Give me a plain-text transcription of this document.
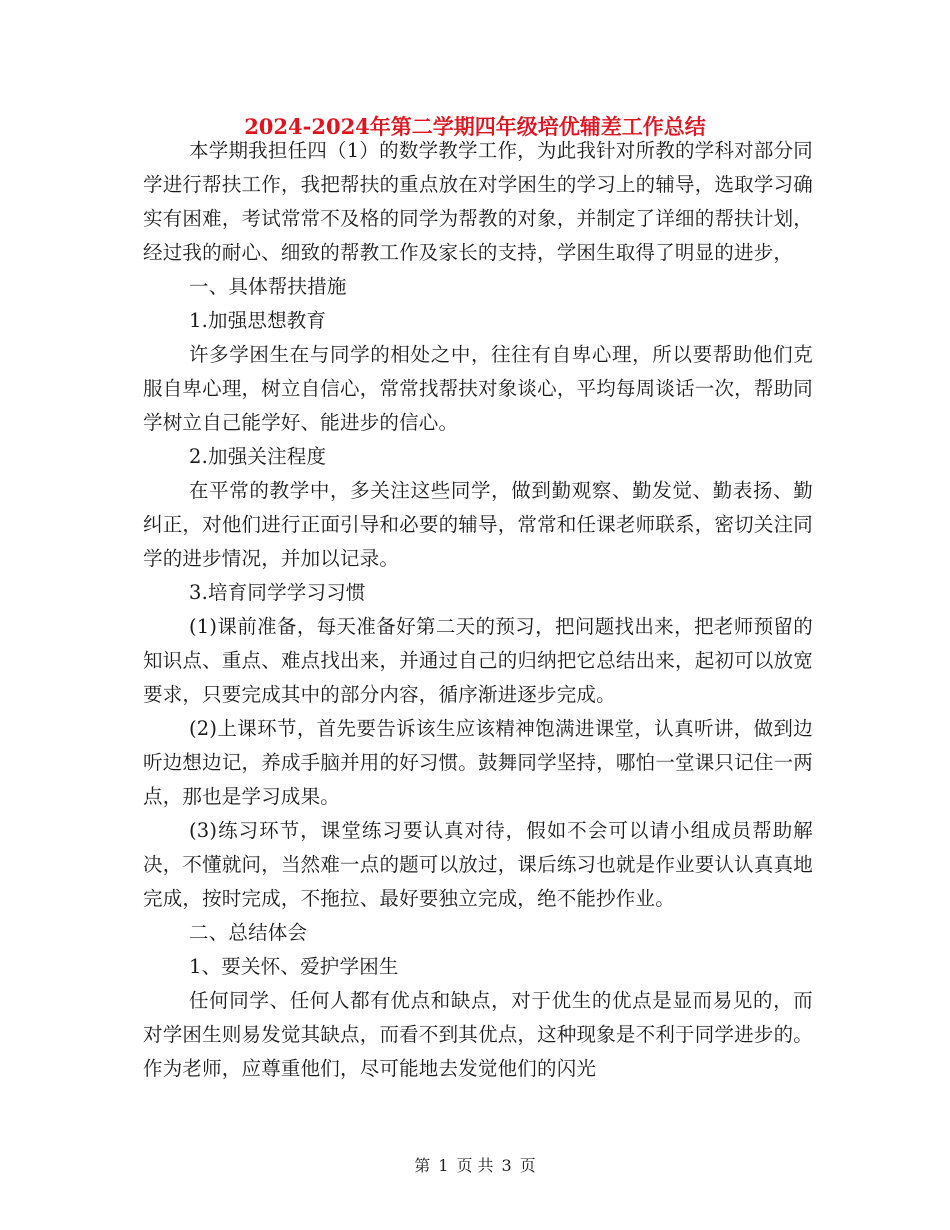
2024-2024年第二学期四年级培优辅差工作总结

本学期我担任四（1）的数学教学工作，为此我针对所教的学科对部分同学进行帮扶工作，我把帮扶的重点放在对学困生的学习上的辅导，选取学习确实有困难，考试常常不及格的同学为帮教的对象，并制定了详细的帮扶计划，经过我的耐心、细致的帮教工作及家长的支持，学困生取得了明显的进步，

一、具体帮扶措施

1.加强思想教育

许多学困生在与同学的相处之中，往往有自卑心理，所以要帮助他们克服自卑心理，树立自信心，常常找帮扶对象谈心，平均每周谈话一次，帮助同学树立自己能学好、能进步的信心。

2.加强关注程度

在平常的教学中，多关注这些同学，做到勤观察、勤发觉、勤表扬、勤纠正，对他们进行正面引导和必要的辅导，常常和任课老师联系，密切关注同学的进步情况，并加以记录。

3.培育同学学习习惯

(1)课前准备，每天准备好第二天的预习，把问题找出来，把老师预留的知识点、重点、难点找出来，并通过自己的归纳把它总结出来，起初可以放宽要求，只要完成其中的部分内容，循序渐进逐步完成。

(2)上课环节，首先要告诉该生应该精神饱满进课堂，认真听讲，做到边听边想边记，养成手脑并用的好习惯。鼓舞同学坚持，哪怕一堂课只记住一两点，那也是学习成果。

(3)练习环节，课堂练习要认真对待，假如不会可以请小组成员帮助解决，不懂就问，当然难一点的题可以放过，课后练习也就是作业要认认真真地完成，按时完成，不拖拉、最好要独立完成，绝不能抄作业。

二、总结体会

1、要关怀、爱护学困生

任何同学、任何人都有优点和缺点，对于优生的优点是显而易见的，而对学困生则易发觉其缺点，而看不到其优点，这种现象是不利于同学进步的。作为老师，应尊重他们，尽可能地去发觉他们的闪光

第 1 页 共 3 页
